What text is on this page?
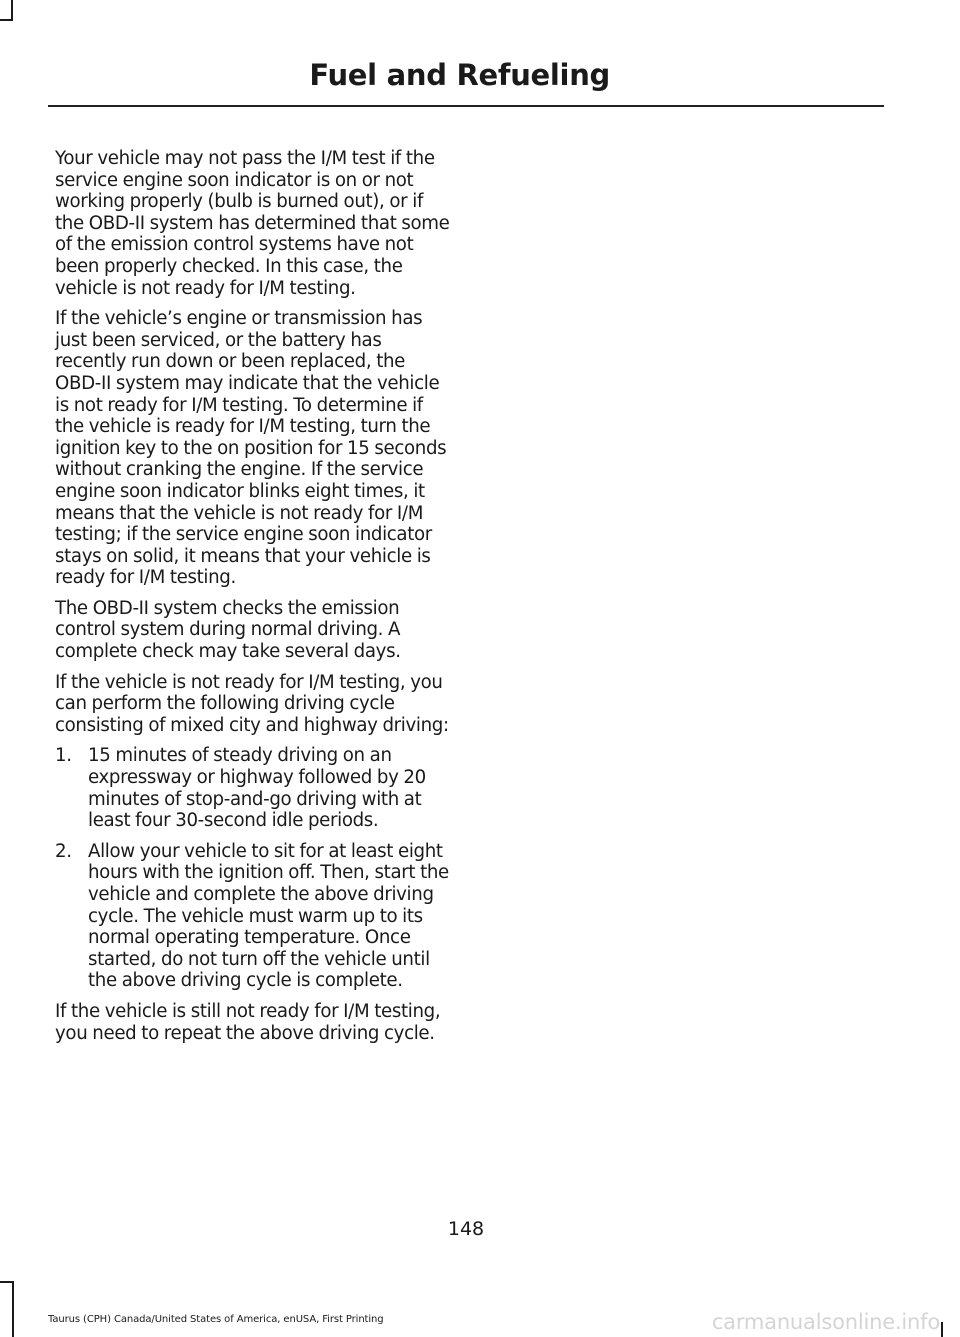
Fuel and Refueling

Your vehicle may not pass the I/M test if the service engine soon indicator is on or not working properly (bulb is burned out), or if the OBD-II system has determined that some of the emission control systems have not been properly checked. In this case, the vehicle is not ready for I/M testing.

If the vehicle’s engine or transmission has just been serviced, or the battery has recently run down or been replaced, the OBD-II system may indicate that the vehicle is not ready for I/M testing. To determine if the vehicle is ready for I/M testing, turn the ignition key to the on position for 15 seconds without cranking the engine. If the service engine soon indicator blinks eight times, it means that the vehicle is not ready for I/M testing; if the service engine soon indicator stays on solid, it means that your vehicle is ready for I/M testing.

The OBD-II system checks the emission control system during normal driving. A complete check may take several days.

If the vehicle is not ready for I/M testing, you can perform the following driving cycle consisting of mixed city and highway driving:

1. 15 minutes of steady driving on an expressway or highway followed by 20 minutes of stop-and-go driving with at least four 30-second idle periods.
2. Allow your vehicle to sit for at least eight hours with the ignition off. Then, start the vehicle and complete the above driving cycle. The vehicle must warm up to its normal operating temperature. Once started, do not turn off the vehicle until the above driving cycle is complete.

If the vehicle is still not ready for I/M testing, you need to repeat the above driving cycle.

148

Taurus (CPH) Canada/United States of America, enUSA, First Printing	carmanualsonline.info
